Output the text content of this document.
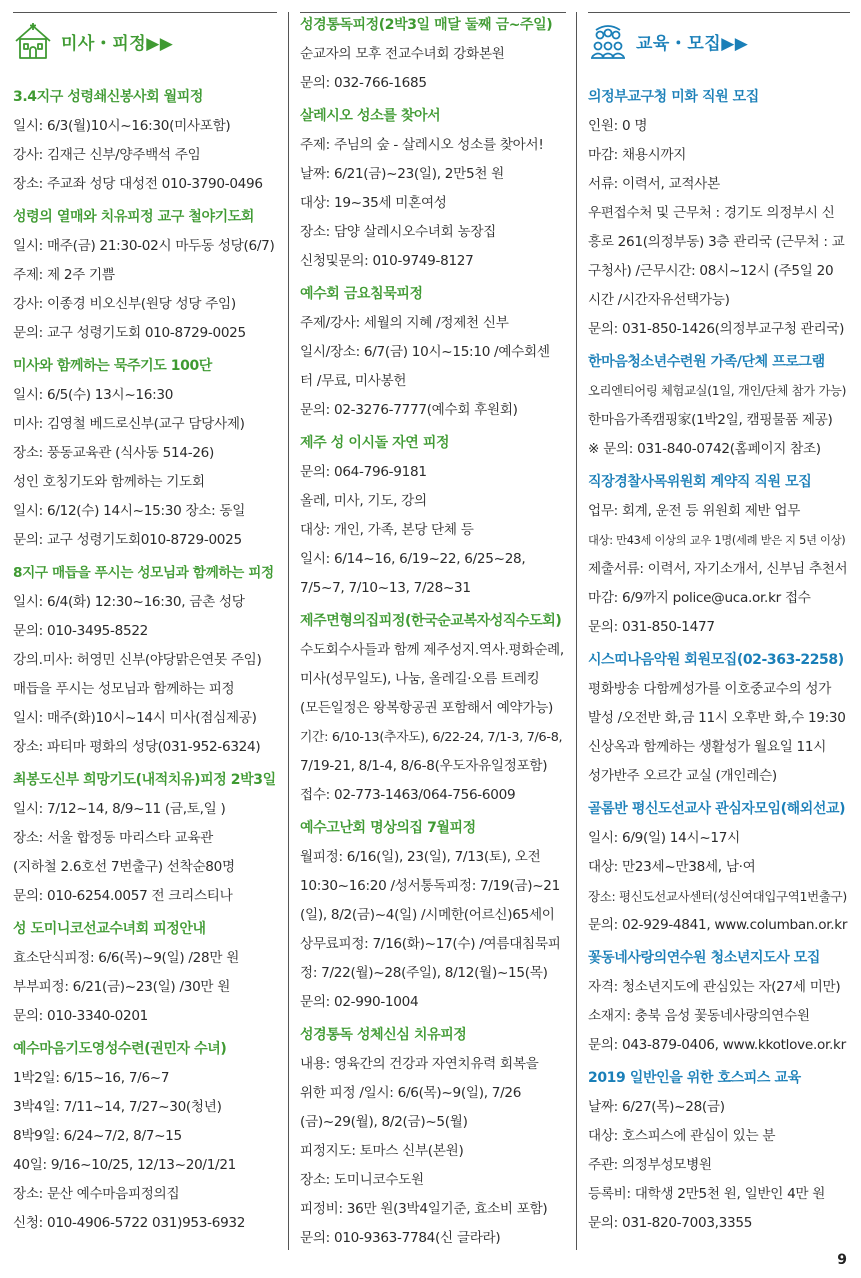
미사・피정▶▶
3.4지구 성령쇄신봉사회 월피정
일시: 6/3(월)10시~16:30(미사포함)
강사: 김재근 신부/양주백석 주임
장소: 주교좌 성당 대성전 010-3790-0496
성령의 열매와 치유피정 교구 철야기도회
일시: 매주(금) 21:30-02시 마두동 성당(6/7)
주제: 제 2주 기쁨
강사: 이종경 비오신부(원당 성당 주임)
문의: 교구 성령기도회 010-8729-0025
미사와 함께하는 묵주기도 100단
일시: 6/5(수) 13시~16:30
미사: 김영철 베드로신부(교구 담당사제)
장소: 풍동교육관 (식사동 514-26)
성인 호칭기도와 함께하는 기도회
일시: 6/12(수) 14시~15:30 장소: 동일
문의: 교구 성령기도회010-8729-0025
8지구 매듭을 푸시는 성모님과 함께하는 피정
일시: 6/4(화) 12:30~16:30, 금촌 성당
문의: 010-3495-8522
강의.미사: 허영민 신부(야당맑은연못 주임)
매듭을 푸시는 성모님과 함께하는 피정
일시: 매주(화)10시~14시 미사(점심제공)
장소: 파티마 평화의 성당(031-952-6324)
최봉도신부 희망기도(내적치유)피정 2박3일
일시: 7/12~14, 8/9~11 (금,토,일 )
장소: 서울 합정동 마리스타 교육관
(지하철 2.6호선 7번출구) 선착순80명
문의: 010-6254.0057 전 크리스티나
성 도미니코선교수녀회 피정안내
효소단식피정: 6/6(목)~9(일) /28만 원
부부피정: 6/21(금)~23(일) /30만 원
문의: 010-3340-0201
예수마음기도영성수련(권민자 수녀)
1박2일: 6/15~16, 7/6~7
3박4일: 7/11~14, 7/27~30(청년)
8박9일: 6/24~7/2, 8/7~15
40일: 9/16~10/25, 12/13~20/1/21
장소: 문산 예수마음피정의집
신청: 010-4906-5722 031)953-6932
성경통독피정(2박3일 매달 둘째 금~주일)
순교자의 모후 전교수녀회 강화본원
문의: 032-766-1685
살레시오 성소를 찾아서
주제: 주님의 숲 - 살레시오 성소를 찾아서!
날짜: 6/21(금)~23(일), 2만5천 원
대상: 19~35세 미혼여성
장소: 담양 살레시오수녀회 농장집
신청및문의: 010-9749-8127
예수회 금요침묵피정
주제/강사: 세월의 지혜 /정제천 신부
일시/장소: 6/7(금) 10시~15:10 /예수회센
터 /무료, 미사봉헌
문의: 02-3276-7777(예수회 후원회)
제주 성 이시돌 자연 피정
문의: 064-796-9181
올레, 미사, 기도, 강의
대상: 개인, 가족, 본당 단체 등
일시: 6/14~16, 6/19~22, 6/25~28,
7/5~7, 7/10~13, 7/28~31
제주면형의집피정(한국순교복자성직수도회)
수도회수사들과 함께 제주성지.역사.평화순례,
미사(성무일도), 나눔, 올레길·오름 트레킹
(모든일정은 왕복항공권 포함해서 예약가능)
기간: 6/10-13(추자도), 6/22-24, 7/1-3, 7/6-8,
7/19-21, 8/1-4, 8/6-8(우도자유일정포함)
접수: 02-773-1463/064-756-6009
예수고난회 명상의집 7월피정
월피정: 6/16(일), 23(일), 7/13(토), 오전
10:30~16:20 /성서통독피정: 7/19(금)~21
(일), 8/2(금)~4(일) /시메한(어르신)65세이
상무료피정: 7/16(화)~17(수) /여름대침묵피
정: 7/22(월)~28(주일), 8/12(월)~15(목)
문의: 02-990-1004
성경통독 성체신심 치유피정
내용: 영육간의 건강과 자연치유력 회복을
위한 피정 /일시: 6/6(목)~9(일), 7/26
(금)~29(월), 8/2(금)~5(월)
피정지도: 토마스 신부(본원)
장소: 도미니코수도원
피정비: 36만 원(3박4일기준, 효소비 포함)
문의: 010-9363-7784(신 글라라)
교육・모집▶▶
의정부교구청 미화 직원 모집
인원: 0 명
마감: 채용시까지
서류: 이력서, 교적사본
우편접수처 및 근무처 : 경기도 의정부시 신
흥로 261(의정부동) 3층 관리국 (근무처 : 교
구청사) /근무시간: 08시~12시 (주5일 20
시간 /시간자유선택가능)
문의: 031-850-1426(의정부교구청 관리국)
한마음청소년수련원 가족/단체 프로그램
오리엔티어링 체험교실(1일, 개인/단체 참가 가능)
한마음가족캠핑家(1박2일, 캠핑물품 제공)
※ 문의: 031-840-0742(홈페이지 참조)
직장경찰사목위원회 계약직 직원 모집
업무: 회계, 운전 등 위원회 제반 업무
대상: 만43세 이상의 교우 1명(세례 받은 지 5년 이상)
제출서류: 이력서, 자기소개서, 신부님 추천서
마감: 6/9까지 police@uca.or.kr 접수
문의: 031-850-1477
시스띠나음악원 회원모집(02-363-2258)
평화방송 다함께성가를 이호중교수의 성가
발성 /오전반 화,금 11시 오후반 화,수 19:30
신상옥과 함께하는 생활성가 월요일 11시
성가반주 오르간 교실 (개인레슨)
골롬반 평신도선교사 관심자모임(해외선교)
일시: 6/9(일) 14시~17시
대상: 만23세~만38세, 남·여
장소: 평신도선교사센터(성신여대입구역1번출구)
문의: 02-929-4841, www.columban.or.kr
꽃동네사랑의연수원 청소년지도사 모집
자격: 청소년지도에 관심있는 자(27세 미만)
소재지: 충북 음성 꽃동네사랑의연수원
문의: 043-879-0406, www.kkotlove.or.kr
2019 일반인을 위한 호스피스 교육
날짜: 6/27(목)~28(금)
대상: 호스피스에 관심이 있는 분
주관: 의정부성모병원
등록비: 대학생 2만5천 원, 일반인 4만 원
문의: 031-820-7003,3355
9
